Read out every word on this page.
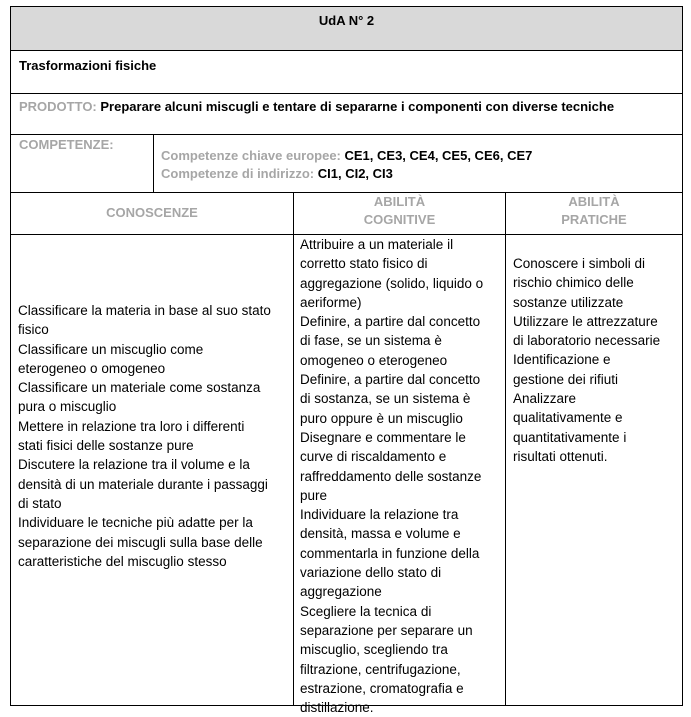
UdA N° 2
Trasformazioni fisiche
PRODOTTO: Preparare alcuni miscugli e tentare di separarne i componenti con diverse tecniche
COMPETENZE:
Competenze chiave europee: CE1, CE3, CE4, CE5, CE6, CE7
Competenze di indirizzo: CI1, CI2, CI3
CONOSCENZE
ABILITÀ
COGNITIVE
ABILITÀ
PRATICHE
Classificare la materia in base al suo stato
fisico
Classificare un miscuglio come
eterogeneo o omogeneo
Classificare un materiale come sostanza
pura o miscuglio
Mettere in relazione tra loro i differenti
stati fisici delle sostanze pure
Discutere la relazione tra il volume e la
densità di un materiale durante i passaggi
di stato
Individuare le tecniche più adatte per la
separazione dei miscugli sulla base delle
caratteristiche del miscuglio stesso
Attribuire a un materiale il
corretto stato fisico di
aggregazione (solido, liquido o
aeriforme)
Definire, a partire dal concetto
di fase, se un sistema è
omogeneo o eterogeneo
Definire, a partire dal concetto
di sostanza, se un sistema è
puro oppure è un miscuglio
Disegnare e commentare le
curve di riscaldamento e
raffreddamento delle sostanze
pure
Individuare la relazione tra
densità, massa e volume e
commentarla in funzione della
variazione dello stato di
aggregazione
Scegliere la tecnica di
separazione per separare un
miscuglio, scegliendo tra
filtrazione, centrifugazione,
estrazione, cromatografia e
distillazione.
Conoscere i simboli di
rischio chimico delle
sostanze utilizzate
Utilizzare le attrezzature
di laboratorio necessarie
Identificazione e
gestione dei rifiuti
Analizzare
qualitativamente e
quantitativamente i
risultati ottenuti.
